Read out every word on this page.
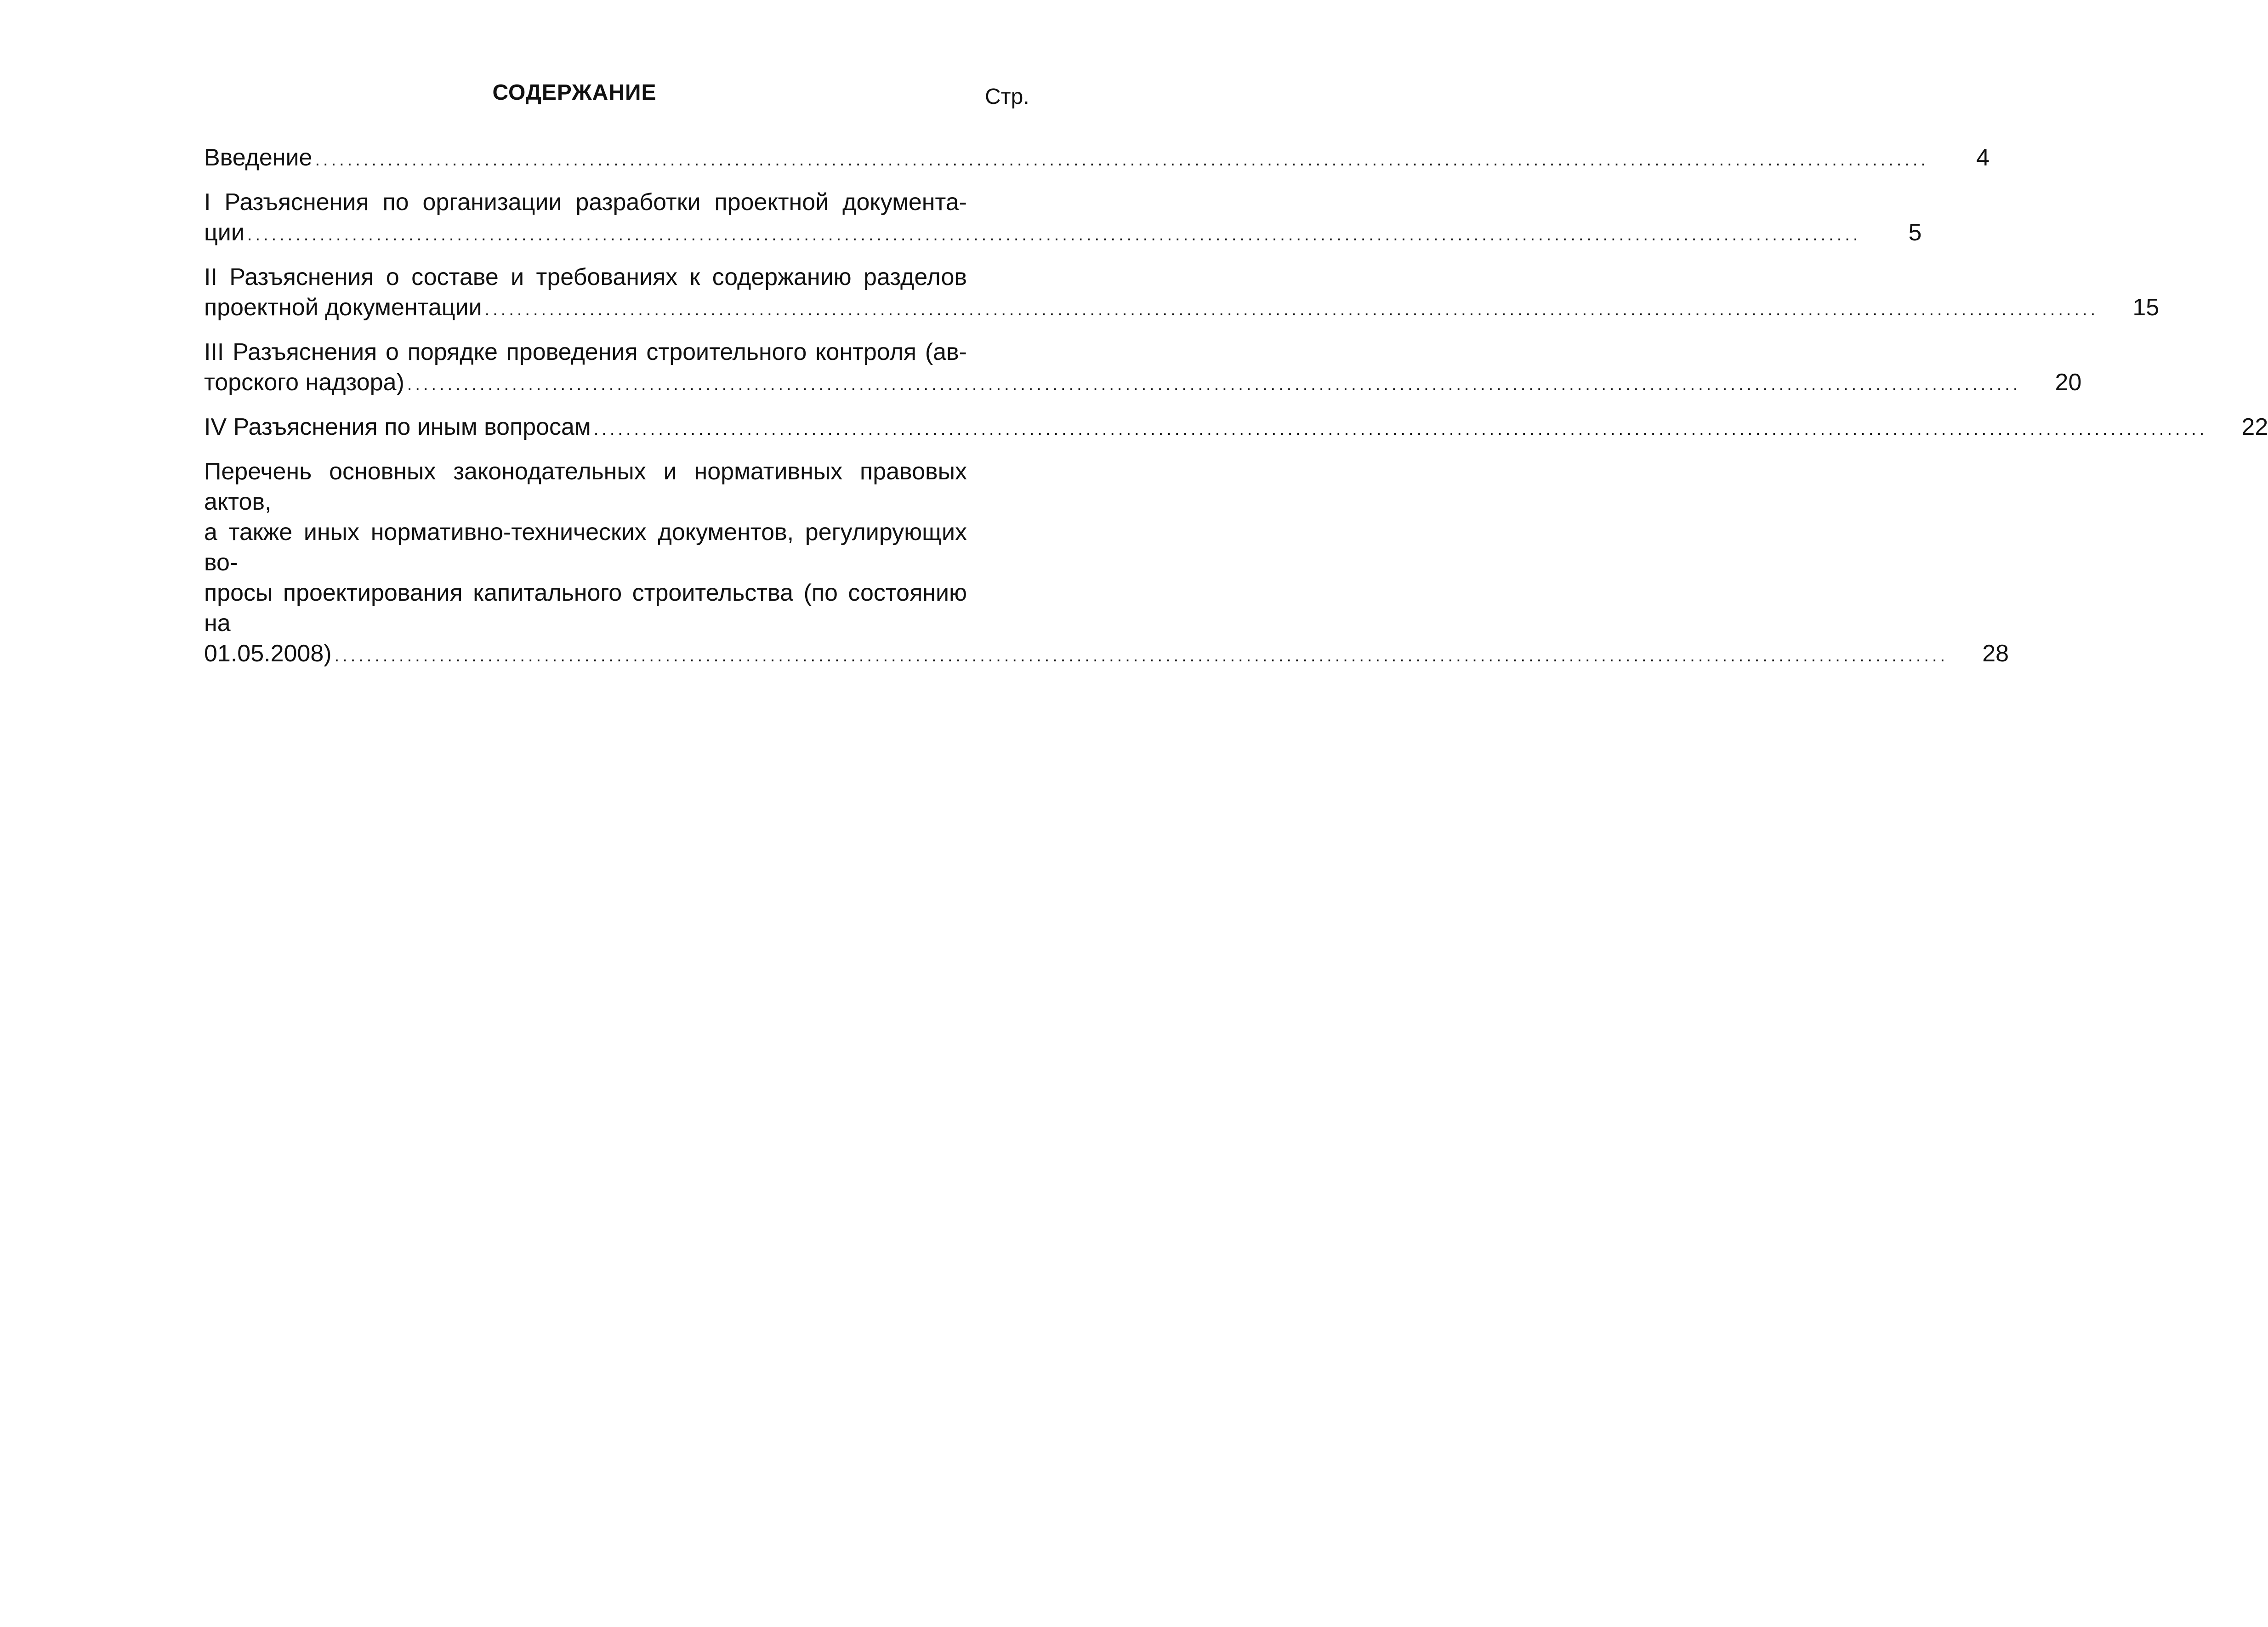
СОДЕРЖАНИЕ	Стр.
Введение ........................................................................................................................................................................................................	4
I Разъяснения по организации разработки проектной документа-
ции ........................................................................................................................................................................................................	5
II Разъяснения о составе и требованиях к содержанию разделов
проектной документации ........................................................................................................................................................................................................	15
III Разъяснения о порядке проведения строительного контроля (ав-
торского надзора) ........................................................................................................................................................................................................	20
IV Разъяснения по иным вопросам ........................................................................................................................................................................................................	22
Перечень основных законодательных и нормативных правовых актов,
а также иных нормативно-технических документов, регулирующих во-
просы проектирования капитального строительства (по состоянию на
01.05.2008) ........................................................................................................................................................................................................	28
